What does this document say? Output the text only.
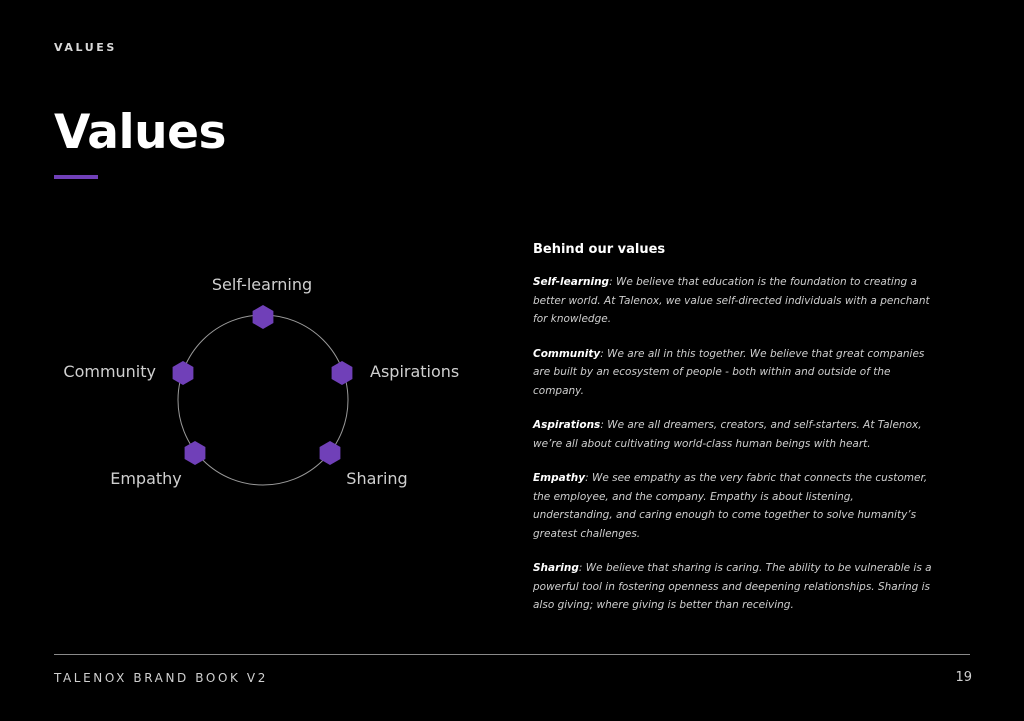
VALUES
Values
Self-learning
Aspirations
Sharing
Empathy
Community

Behind our values

Self-learning: We believe that education is the foundation to creating a better world. At Talenox, we value self-directed individuals with a penchant for knowledge.

Community: We are all in this together. We believe that great companies are built by an ecosystem of people - both within and outside of the company.

Aspirations: We are all dreamers, creators, and self-starters. At Talenox, we’re all about cultivating world-class human beings with heart.

Empathy: We see empathy as the very fabric that connects the customer, the employee, and the company. Empathy is about listening, understanding, and caring enough to come together to solve humanity’s greatest challenges.

Sharing: We believe that sharing is caring. The ability to be vulnerable is a powerful tool in fostering openness and deepening relationships. Sharing is also giving; where giving is better than receiving.

TALENOX BRAND BOOK V2	19
